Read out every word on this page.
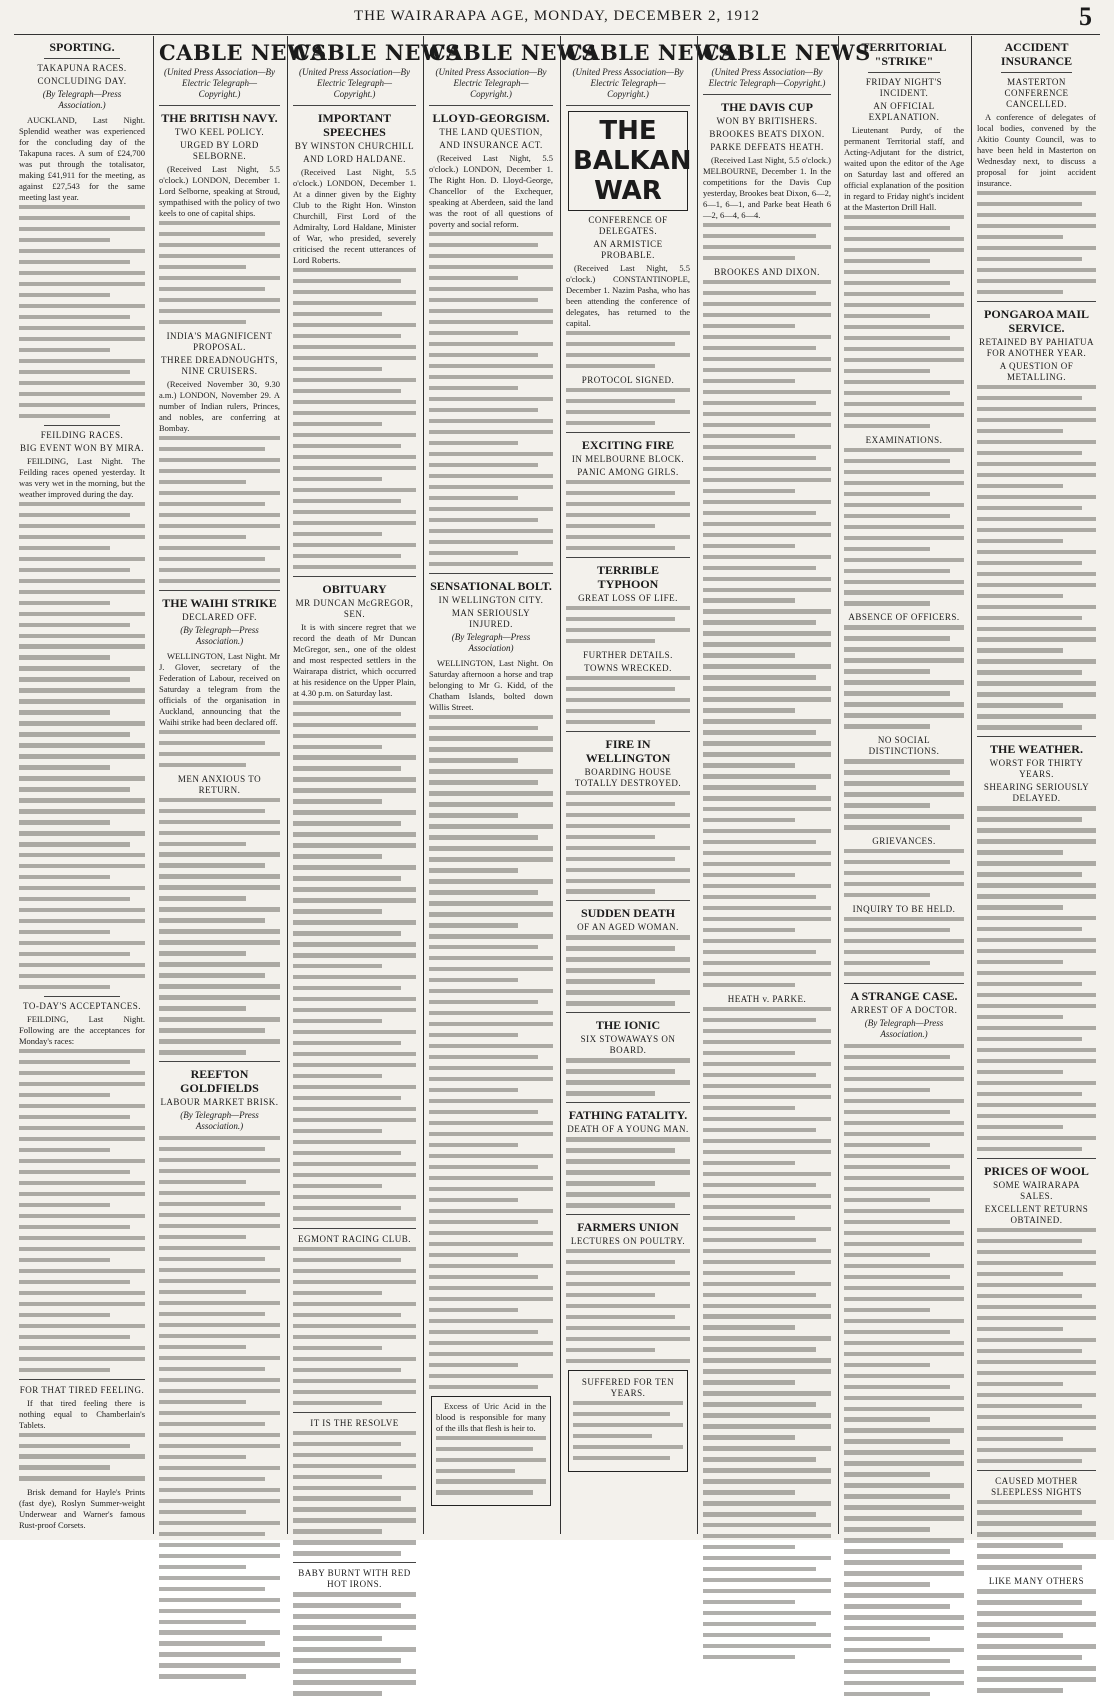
THE WAIRARAPA AGE, MONDAY, DECEMBER 2, 1912	5
SPORTING.
TAKAPUNA RACES.
CONCLUDING DAY.
(By Telegraph—Press Association.)

AUCKLAND, Last Night. Splendid weather was experienced for the concluding day of the Takapuna races. A sum of £24,700 was put through the totalisator, making £41,911 for the meeting, as against £27,543 for the same meeting last year.

FEILDING RACES.
BIG EVENT WON BY MIRA.

FEILDING, Last Night. The Feilding races opened yesterday. It was very wet in the morning, but the weather improved during the day.

TO-DAY'S ACCEPTANCES.

FEILDING, Last Night. Following are the acceptances for Monday's races:

FOR THAT TIRED FEELING.

If that tired feeling there is nothing equal to Chamberlain's Tablets.

Brisk demand for Hayle's Prints (fast dye), Roslyn Summer-weight Underwear and Warner's famous Rust-proof Corsets.

CABLE NEWS
(United Press Association—By Electric Telegraph—Copyright.)
THE BRITISH NAVY.
TWO KEEL POLICY.
URGED BY LORD SELBORNE.

(Received Last Night, 5.5 o'clock.) LONDON, December 1. Lord Selborne, speaking at Stroud, sympathised with the policy of two keels to one of capital ships.

INDIA'S MAGNIFICENT PROPOSAL.
THREE DREADNOUGHTS, NINE CRUISERS.

(Received November 30, 9.30 a.m.) LONDON, November 29. A number of Indian rulers, Princes, and nobles, are conferring at Bombay.

THE WAIHI STRIKE
DECLARED OFF.
(By Telegraph—Press Association.)

WELLINGTON, Last Night. Mr J. Glover, secretary of the Federation of Labour, received on Saturday a telegram from the officials of the organisation in Auckland, announcing that the Waihi strike had been declared off.

MEN ANXIOUS TO RETURN.
REEFTON GOLDFIELDS
LABOUR MARKET BRISK.
(By Telegraph—Press Association.)
CABLE NEWS
(United Press Association—By Electric Telegraph—Copyright.)
IMPORTANT SPEECHES
BY WINSTON CHURCHILL
AND LORD HALDANE.

(Received Last Night, 5.5 o'clock.) LONDON, December 1. At a dinner given by the Eighty Club to the Right Hon. Winston Churchill, First Lord of the Admiralty, Lord Haldane, Minister of War, who presided, severely criticised the recent utterances of Lord Roberts.

OBITUARY
MR DUNCAN McGREGOR, SEN.

It is with sincere regret that we record the death of Mr Duncan McGregor, sen., one of the oldest and most respected settlers in the Wairarapa district, which occurred at his residence on the Upper Plain, at 4.30 p.m. on Saturday last.

EGMONT RACING CLUB.
IT IS THE RESOLVE
BABY BURNT WITH RED HOT IRONS.
CABLE NEWS
(United Press Association—By Electric Telegraph—Copyright.)
LLOYD-GEORGISM.
THE LAND QUESTION,
AND INSURANCE ACT.

(Received Last Night, 5.5 o'clock.) LONDON, December 1. The Right Hon. D. Lloyd-George, Chancellor of the Exchequer, speaking at Aberdeen, said the land was the root of all questions of poverty and social reform.

SENSATIONAL BOLT.
IN WELLINGTON CITY.
MAN SERIOUSLY INJURED.
(By Telegraph—Press Association)

WELLINGTON, Last Night. On Saturday afternoon a horse and trap belonging to Mr G. Kidd, of the Chatham Islands, bolted down Willis Street.

Excess of Uric Acid in the blood is responsible for many of the ills that flesh is heir to.

CABLE NEWS
(United Press Association—By Electric Telegraph—Copyright.)
THE BALKAN WAR
CONFERENCE OF DELEGATES.
AN ARMISTICE PROBABLE.

(Received Last Night, 5.5 o'clock.) CONSTANTINOPLE, December 1. Nazim Pasha, who has been attending the conference of delegates, has returned to the capital.

PROTOCOL SIGNED.
EXCITING FIRE
IN MELBOURNE BLOCK.
PANIC AMONG GIRLS.
TERRIBLE TYPHOON
GREAT LOSS OF LIFE.
FURTHER DETAILS.
TOWNS WRECKED.
FIRE IN WELLINGTON
BOARDING HOUSE TOTALLY DESTROYED.
SUDDEN DEATH
OF AN AGED WOMAN.
THE IONIC
SIX STOWAWAYS ON BOARD.
FATHING FATALITY.
DEATH OF A YOUNG MAN.
FARMERS UNION
LECTURES ON POULTRY.
SUFFERED FOR TEN YEARS.
CABLE NEWS
(United Press Association—By Electric Telegraph—Copyright.)
THE DAVIS CUP
WON BY BRITISHERS.
BROOKES BEATS DIXON.
PARKE DEFEATS HEATH.

(Received Last Night, 5.5 o'clock.) MELBOURNE, December 1. In the competitions for the Davis Cup yesterday, Brookes beat Dixon, 6—2, 6—1, 6—1, and Parke beat Heath 6—2, 6—4, 6—4.

BROOKES AND DIXON.
HEATH v. PARKE.
TERRITORIAL "STRIKE"
FRIDAY NIGHT'S INCIDENT.
AN OFFICIAL EXPLANATION.

Lieutenant Purdy, of the permanent Territorial staff, and Acting-Adjutant for the district, waited upon the editor of the Age on Saturday last and offered an official explanation of the position in regard to Friday night's incident at the Masterton Drill Hall.

EXAMINATIONS.
ABSENCE OF OFFICERS.
NO SOCIAL DISTINCTIONS.
GRIEVANCES.
INQUIRY TO BE HELD.
A STRANGE CASE.
ARREST OF A DOCTOR.
(By Telegraph—Press Association.)
ACCIDENT INSURANCE
MASTERTON CONFERENCE CANCELLED.

A conference of delegates of local bodies, convened by the Akitio County Council, was to have been held in Masterton on Wednesday next, to discuss a proposal for joint accident insurance.

PONGAROA MAIL SERVICE.
RETAINED BY PAHIATUA FOR ANOTHER YEAR.
A QUESTION OF METALLING.
THE WEATHER.
WORST FOR THIRTY YEARS.
SHEARING SERIOUSLY DELAYED.
PRICES OF WOOL
SOME WAIRARAPA SALES.
EXCELLENT RETURNS OBTAINED.
CAUSED MOTHER SLEEPLESS NIGHTS
LIKE MANY OTHERS
